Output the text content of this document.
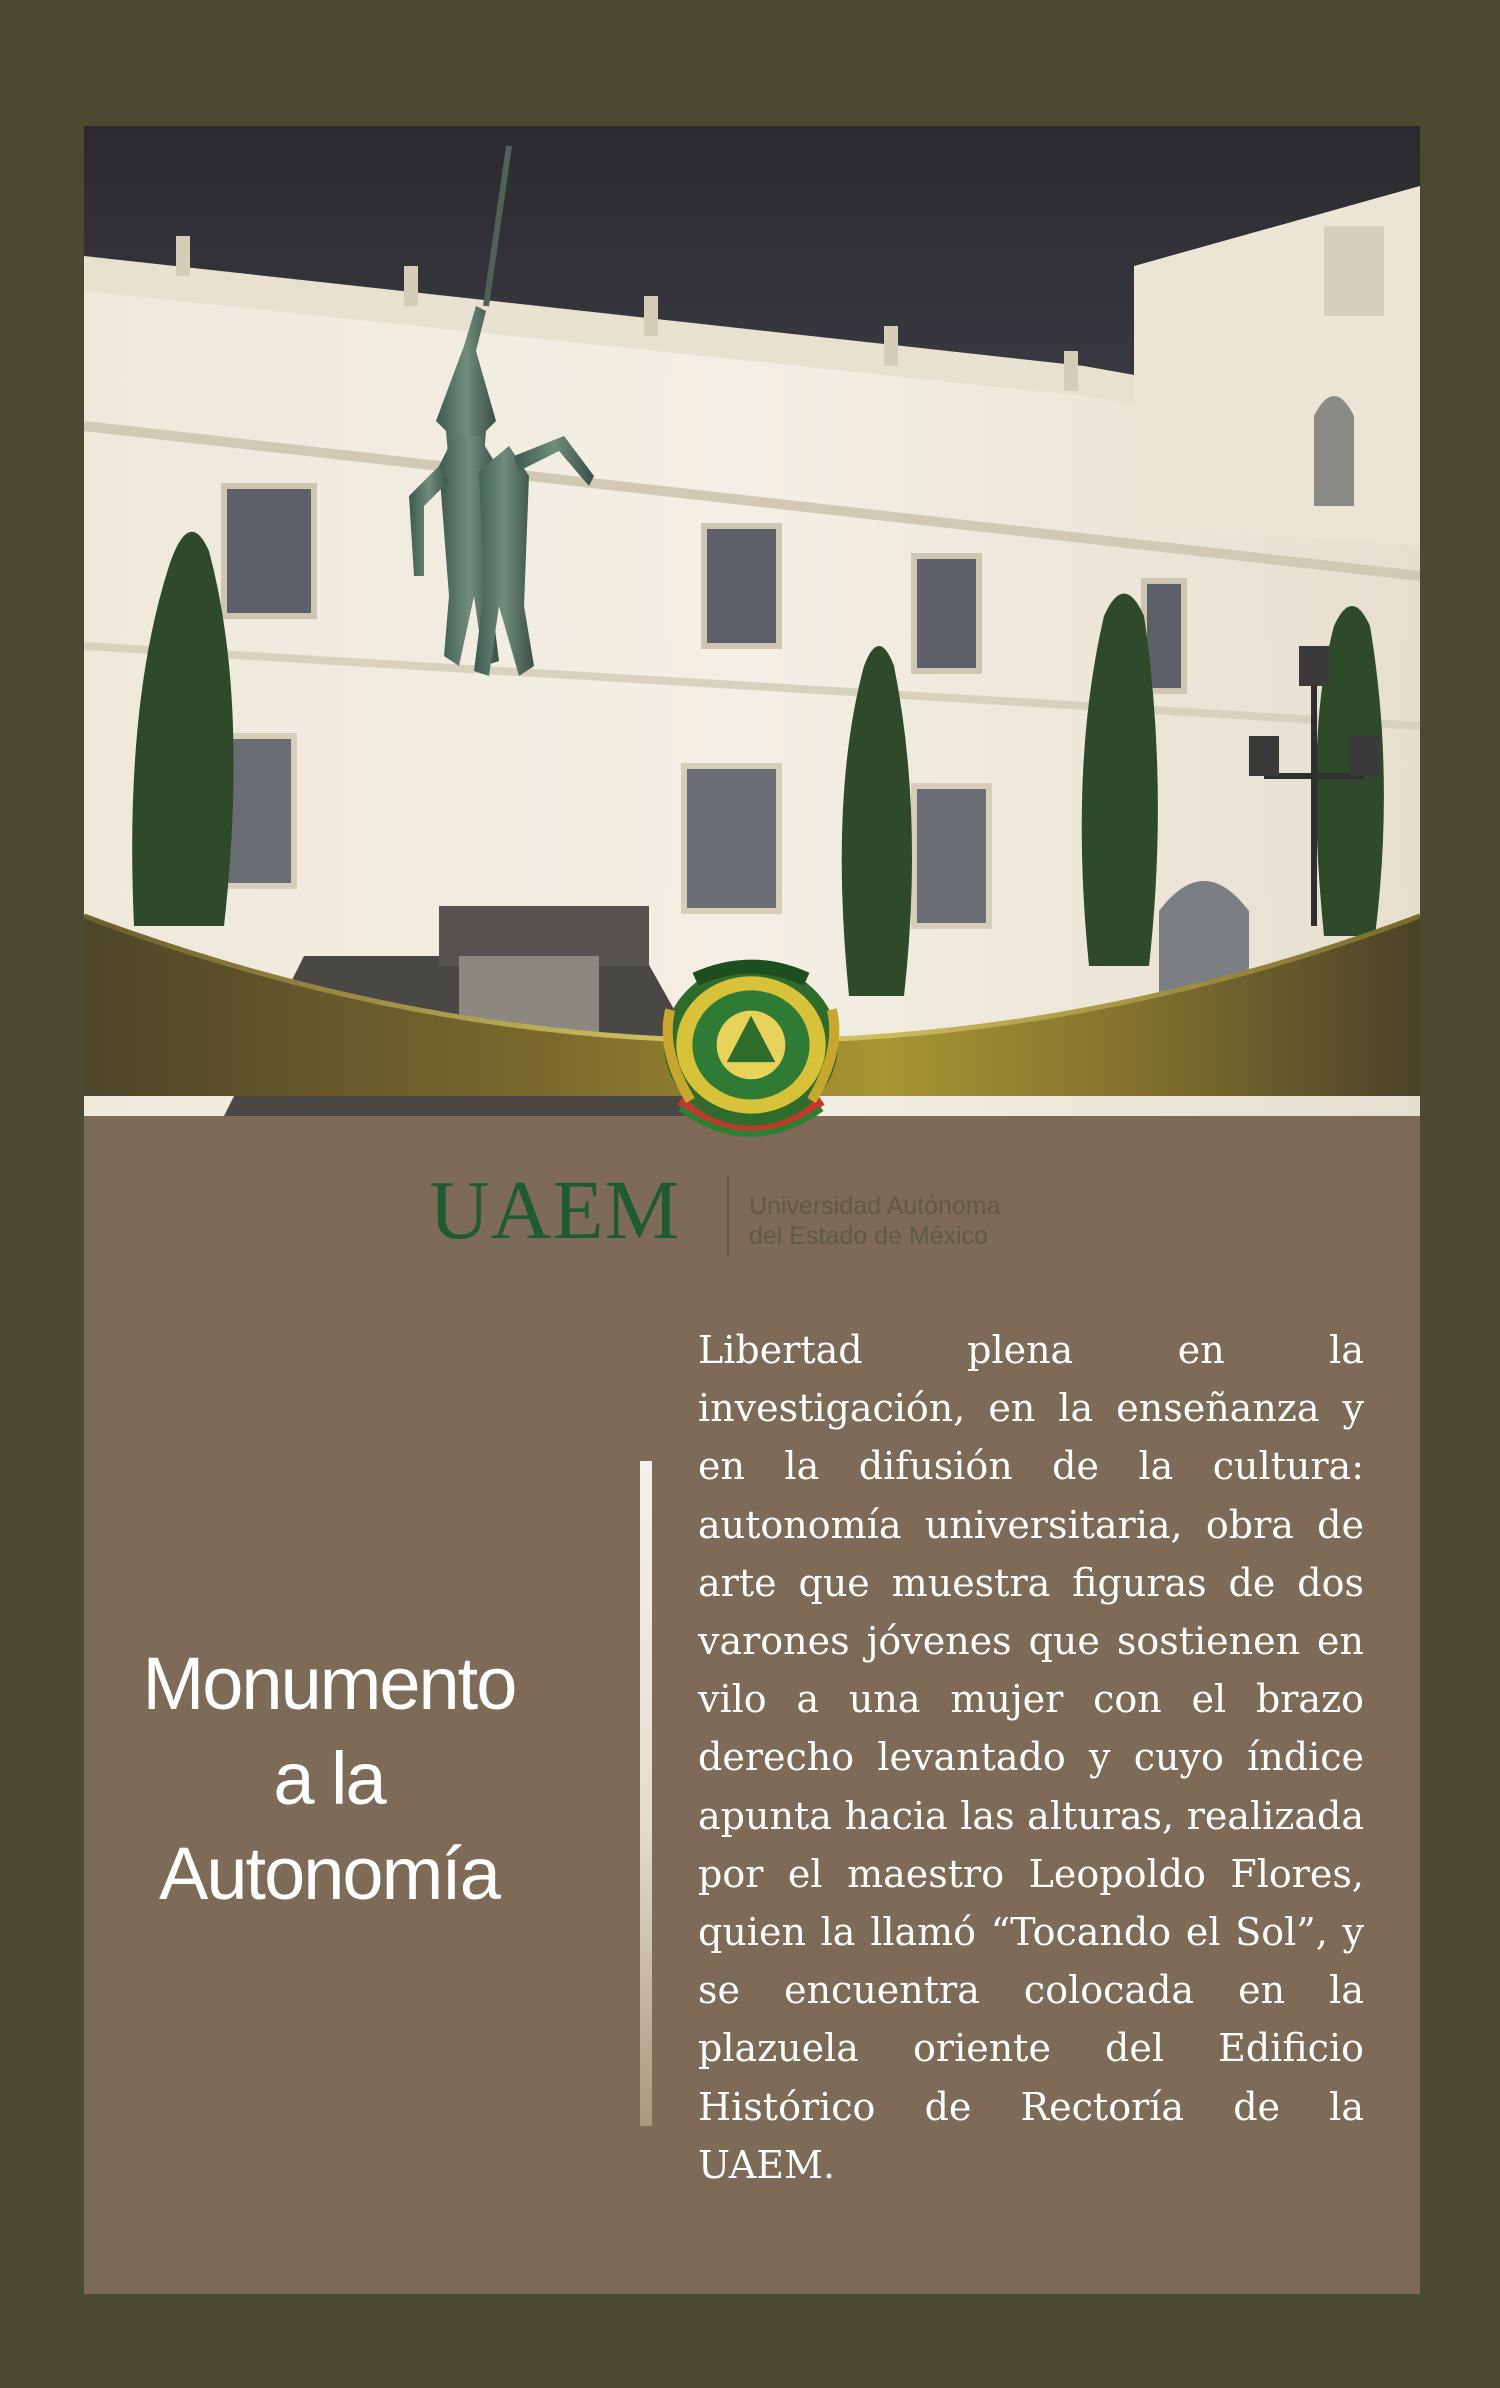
UAEM	Universidad Autónoma
del Estado de México
Monumento
a la
Autonomía
Libertad plena en la investigación, en la enseñanza y en la difusión de la cultura: autonomía universitaria, obra de arte que muestra figuras de dos varones jóvenes que sostienen en vilo a una mujer con el brazo derecho levantado y cuyo índice apunta hacia las alturas, realizada por el maestro Leopoldo Flores, quien la llamó “Tocando el Sol”, y se encuentra colocada en la plazuela oriente del Edificio Histórico de Rectoría de la UAEM.
